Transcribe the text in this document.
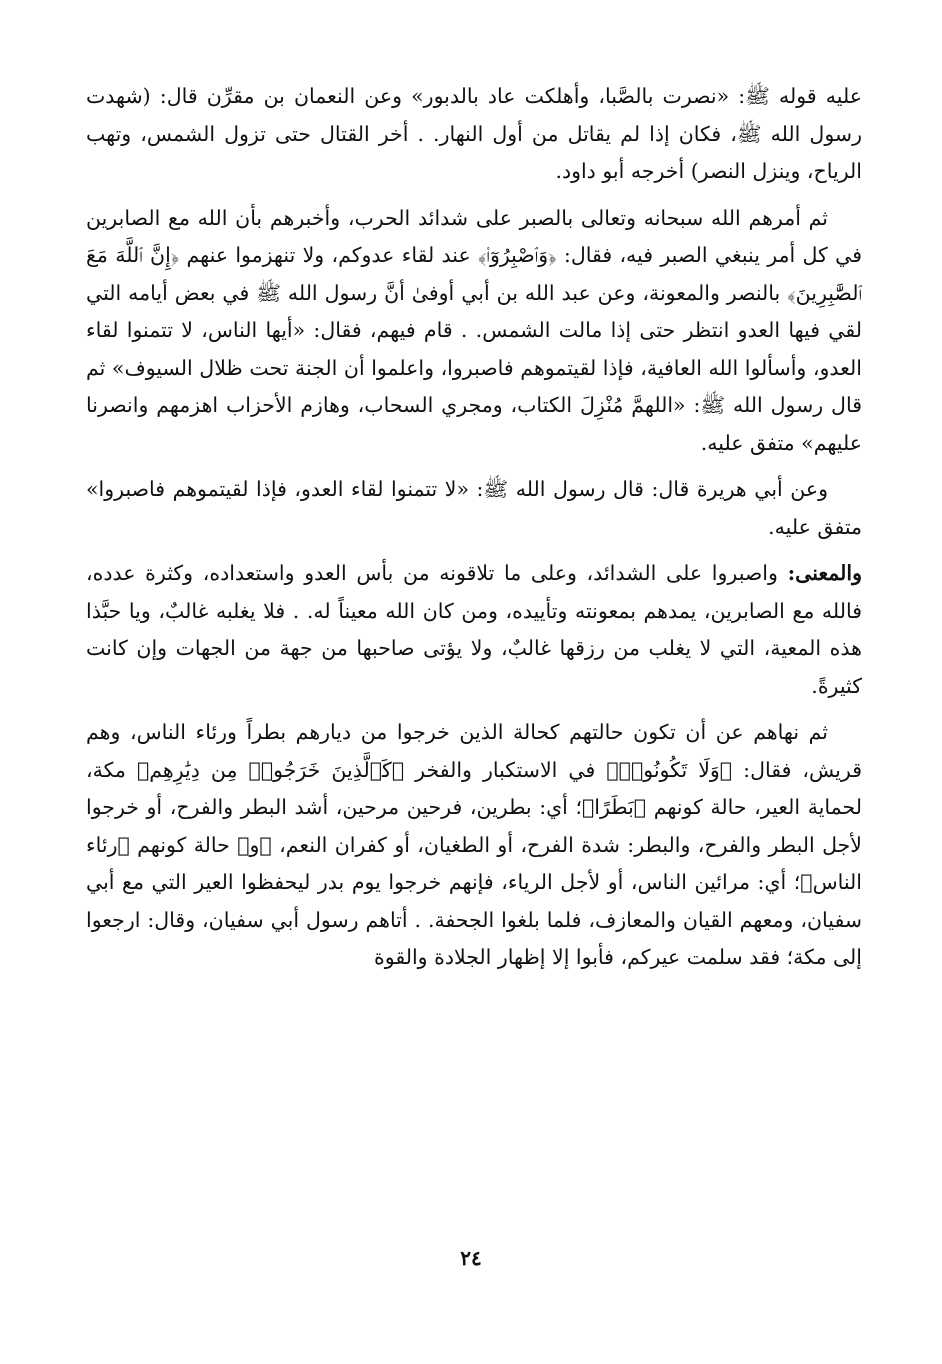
عليه قوله ﷺ: «نصرت بالصَّبا، وأهلكت عاد بالدبور» وعن النعمان بن مقرِّن قال: (شهدت رسول الله ﷺ، فكان إذا لم يقاتل من أول النهار. . أخر القتال حتى تزول الشمس، وتهب الرياح، وينزل النصر) أخرجه أبو داود.

ثم أمرهم الله سبحانه وتعالى بالصبر على شدائد الحرب، وأخبرهم بأن الله مع الصابرين في كل أمر ينبغي الصبر فيه، فقال: ﴿وَٱصْبِرُوٓا۟﴾ عند لقاء عدوكم، ولا تنهزموا عنهم ﴿إِنَّ ٱللَّهَ مَعَ ٱلصَّٰبِرِينَ﴾ بالنصر والمعونة، وعن عبد الله بن أبي أوفىٰ أنَّ رسول الله ﷺ في بعض أيامه التي لقي فيها العدو انتظر حتى إذا مالت الشمس. . قام فيهم، فقال: «أيها الناس، لا تتمنوا لقاء العدو، وأسألوا الله العافية، فإذا لقيتموهم فاصبروا، واعلموا أن الجنة تحت ظلال السيوف» ثم قال رسول الله ﷺ: «اللهمَّ مُنْزِلَ الكتاب، ومجري السحاب، وهازم الأحزاب اهزمهم وانصرنا عليهم» متفق عليه.

وعن أبي هريرة قال: قال رسول الله ﷺ: «لا تتمنوا لقاء العدو، فإذا لقيتموهم فاصبروا» متفق عليه.

والمعنى: واصبروا على الشدائد، وعلى ما تلاقونه من بأس العدو واستعداده، وكثرة عدده، فالله مع الصابرين، يمدهم بمعونته وتأييده، ومن كان الله معيناً له. . فلا يغلبه غالبٌ، ويا حبَّذا هذه المعية، التي لا يغلب من رزقها غالبٌ، ولا يؤتى صاحبها من جهة من الجهات وإن كانت كثيرةً.

ثم نهاهم عن أن تكون حالتهم كحالة الذين خرجوا من ديارهم بطراً ورئاء الناس، وهم قريش، فقال: ﴿وَلَا تَكُونُوا۟﴾ في الاستكبار والفخر ﴿كَٱلَّذِينَ خَرَجُوا۟ مِن دِيَٰرِهِم﴾ مكة، لحماية العير، حالة كونهم ﴿بَطَرًا﴾؛ أي: بطرين، فرحين مرحين، أشد البطر والفرح، أو خرجوا لأجل البطر والفرح، والبطر: شدة الفرح، أو الطغيان، أو كفران النعم، ﴿و﴾ حالة كونهم ﴿رئاء الناس﴾؛ أي: مرائين الناس، أو لأجل الرياء، فإنهم خرجوا يوم بدر ليحفظوا العير التي مع أبي سفيان، ومعهم القيان والمعازف، فلما بلغوا الجحفة. . أتاهم رسول أبي سفيان، وقال: ارجعوا إلى مكة؛ فقد سلمت عيركم، فأبوا إلا إظهار الجلادة والقوة

٢٤
